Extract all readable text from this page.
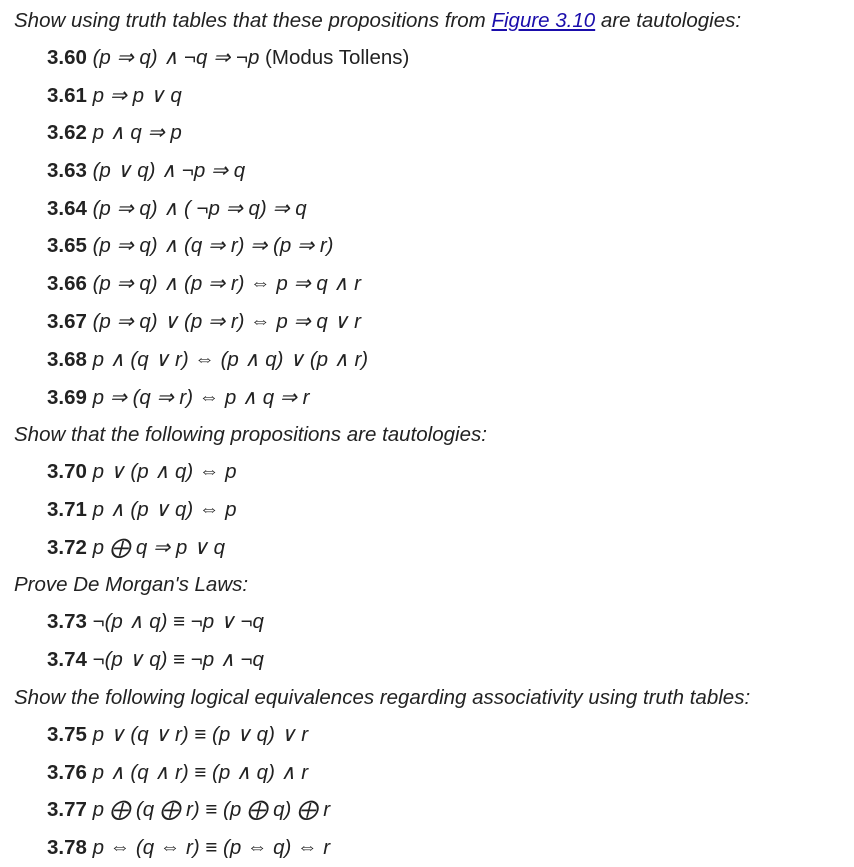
Show using truth tables that these propositions from Figure 3.10 are tautologies:
3.60 (p ⇒ q) ∧ ¬q ⇒ ¬p (Modus Tollens)
3.61 p ⇒ p ∨ q
3.62 p ∧ q ⇒ p
3.63 (p ∨ q) ∧ ¬p ⇒ q
3.64 (p ⇒ q) ∧ ( ¬p ⇒ q) ⇒ q
3.65 (p ⇒ q) ∧ (q ⇒ r) ⇒ (p ⇒ r)
3.66 (p ⇒ q) ∧ (p ⇒ r) ⇔ p ⇒ q ∧ r
3.67 (p ⇒ q) ∨ (p ⇒ r) ⇔ p ⇒ q ∨ r
3.68 p ∧ (q ∨ r) ⇔ (p ∧ q) ∨ (p ∧ r)
3.69 p ⇒ (q ⇒ r) ⇔ p ∧ q ⇒ r
Show that the following propositions are tautologies:
3.70 p ∨ (p ∧ q) ⇔ p
3.71 p ∧ (p ∨ q) ⇔ p
3.72 p ⨁ q ⇒ p ∨ q
Prove De Morgan's Laws:
3.73 ¬(p ∧ q) ≡ ¬p ∨ ¬q
3.74 ¬(p ∨ q) ≡ ¬p ∧ ¬q
Show the following logical equivalences regarding associativity using truth tables:
3.75 p ∨ (q ∨ r) ≡ (p ∨ q) ∨ r
3.76 p ∧ (q ∧ r) ≡ (p ∧ q) ∧ r
3.77 p ⨁ (q ⨁ r) ≡ (p ⨁ q) ⨁ r
3.78 p ⇔ (q ⇔ r) ≡ (p ⇔ q) ⇔ r
